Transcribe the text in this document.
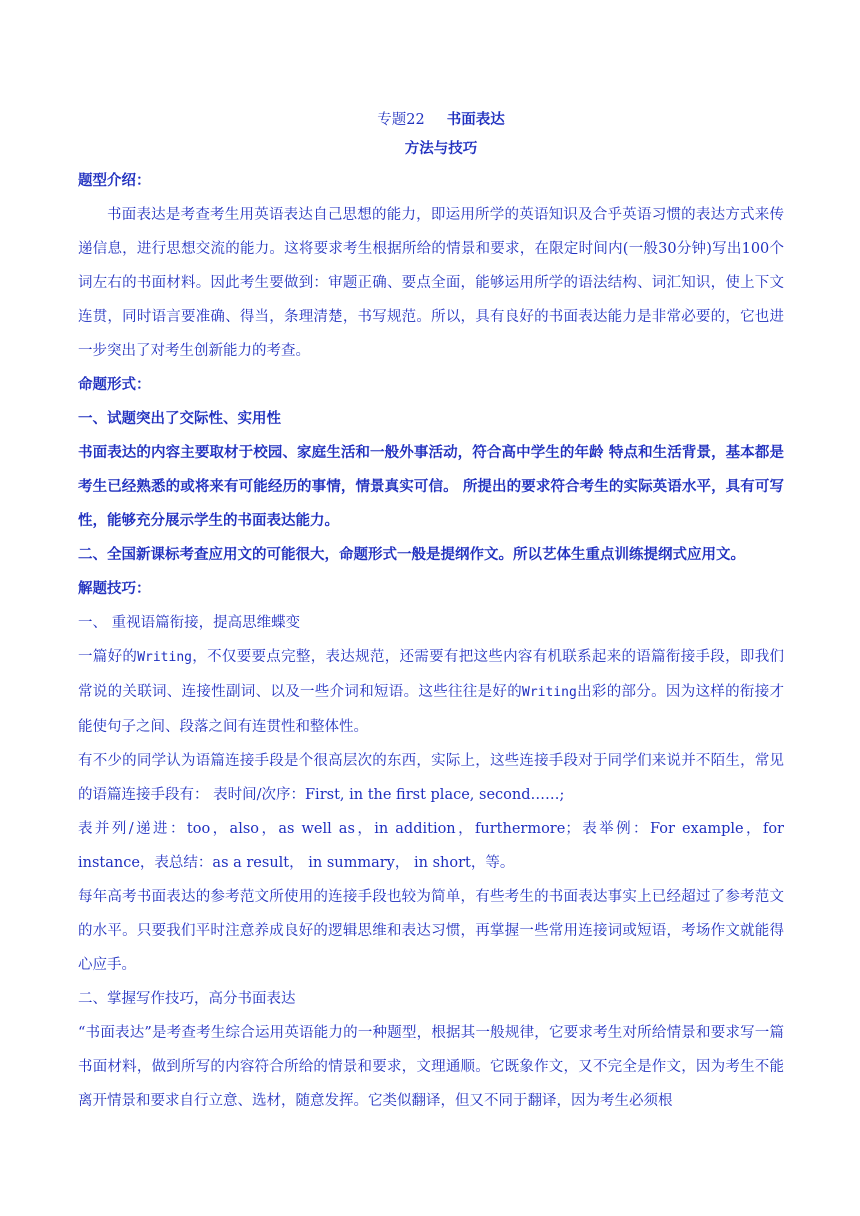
专题22 书面表达
方法与技巧
题型介绍：

书面表达是考查考生用英语表达自己思想的能力，即运用所学的英语知识及合乎英语习惯的表达方式来传递信息，进行思想交流的能力。这将要求考生根据所给的情景和要求，在限定时间内(一般30分钟)写出100个词左右的书面材料。因此考生要做到：审题正确、要点全面，能够运用所学的语法结构、词汇知识，使上下文连贯，同时语言要准确、得当，条理清楚，书写规范。所以，具有良好的书面表达能力是非常必要的，它也进一步突出了对考生创新能力的考查。

命题形式：
一、试题突出了交际性、实用性

书面表达的内容主要取材于校园、家庭生活和一般外事活动，符合高中学生的年龄 特点和生活背景，基本都是考生已经熟悉的或将来有可能经历的事情，情景真实可信。 所提出的要求符合考生的实际英语水平，具有可写性，能够充分展示学生的书面表达能力。

二、全国新课标考查应用文的可能很大，命题形式一般是提纲作文。所以艺体生重点训练提纲式应用文。

解题技巧：

一、 重视语篇衔接，提高思维蝶变

一篇好的Writing，不仅要要点完整，表达规范，还需要有把这些内容有机联系起来的语篇衔接手段，即我们常说的关联词、连接性副词、以及一些介词和短语。这些往往是好的Writing出彩的部分。因为这样的衔接才能使句子之间、段落之间有连贯性和整体性。

有不少的同学认为语篇连接手段是个很高层次的东西，实际上，这些连接手段对于同学们来说并不陌生，常见的语篇连接手段有： 表时间/次序：First, in the first place, second……;

表并列/递进：too，also，as well as，in addition，furthermore；表举例：For example，for instance，表总结：as a result， in summary， in short，等。

每年高考书面表达的参考范文所使用的连接手段也较为简单，有些考生的书面表达事实上已经超过了参考范文的水平。只要我们平时注意养成良好的逻辑思维和表达习惯，再掌握一些常用连接词或短语，考场作文就能得心应手。

二、掌握写作技巧，高分书面表达

“书面表达”是考查考生综合运用英语能力的一种题型，根据其一般规律，它要求考生对所给情景和要求写一篇书面材料，做到所写的内容符合所给的情景和要求，文理通顺。它既象作文，又不完全是作文，因为考生不能离开情景和要求自行立意、选材，随意发挥。它类似翻译，但又不同于翻译，因为考生必须根
